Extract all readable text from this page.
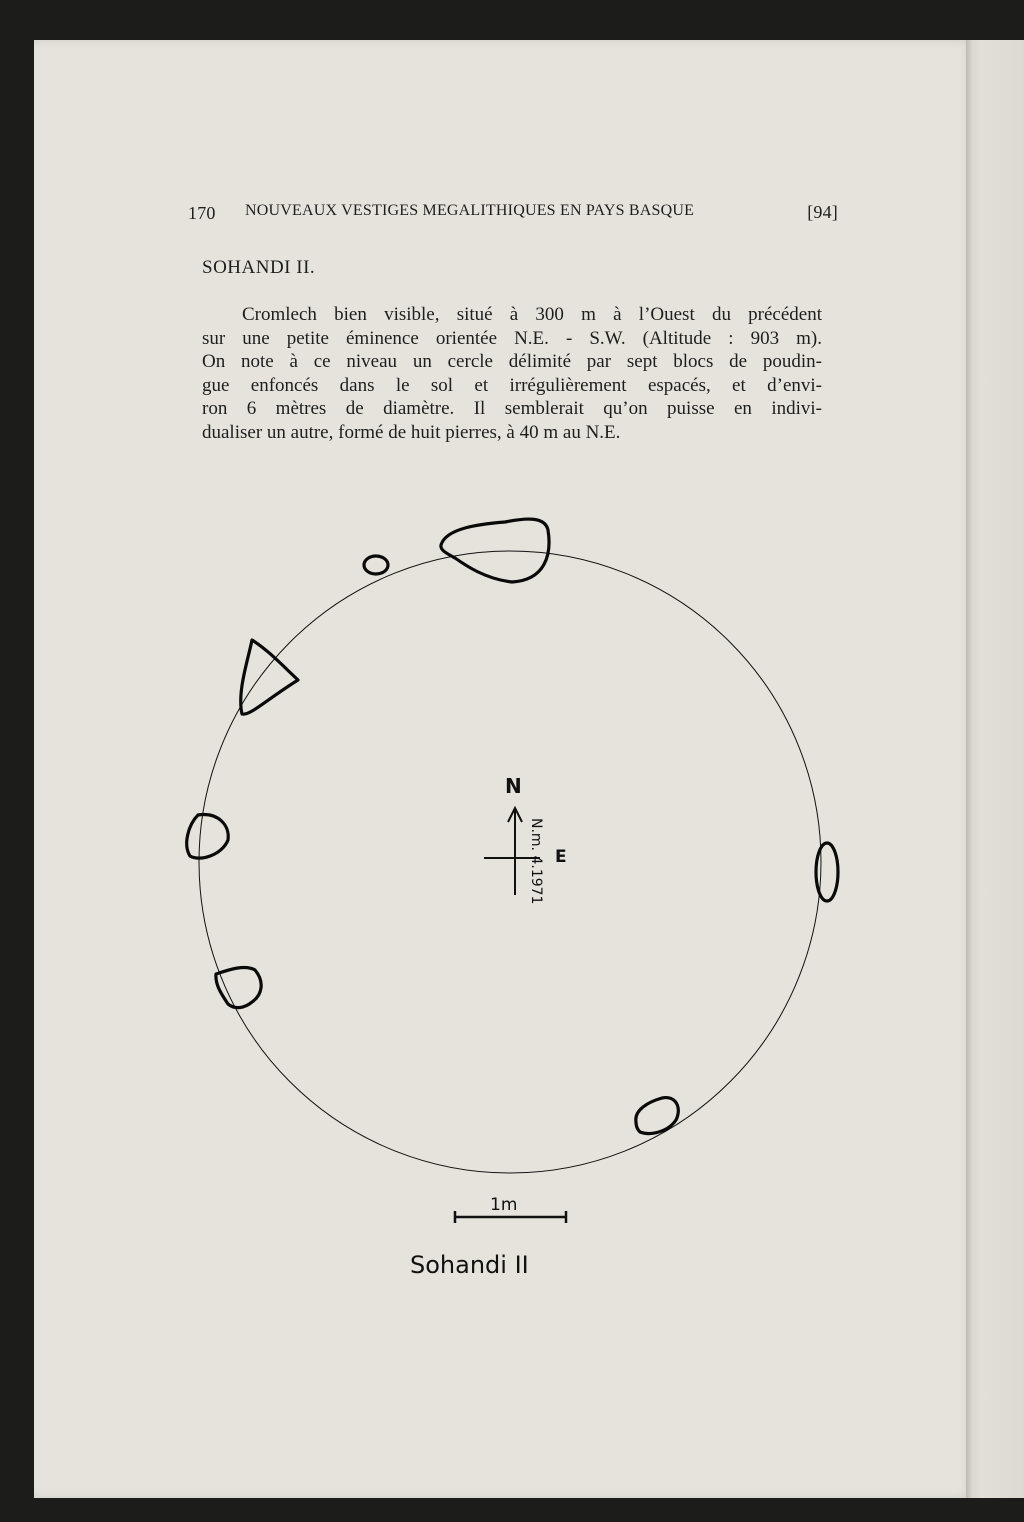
170 NOUVEAUX VESTIGES MEGALITHIQUES EN PAYS BASQUE	[94]
SOHANDI II.
Cromlech bien visible, situé à 300 m à l’Ouest du précédent
sur une petite éminence orientée N.E. - S.W. (Altitude : 903 m).
On note à ce niveau un cercle délimité par sept blocs de poudin-
gue enfoncés dans le sol et irrégulièrement espacés, et d’envi-
ron 6 mètres de diamètre. Il semblerait qu’on puisse en indivi-
dualiser un autre, formé de huit pierres, à 40 m au N.E.
N
E
N.m. 4.1971
1m
Sohandi II
